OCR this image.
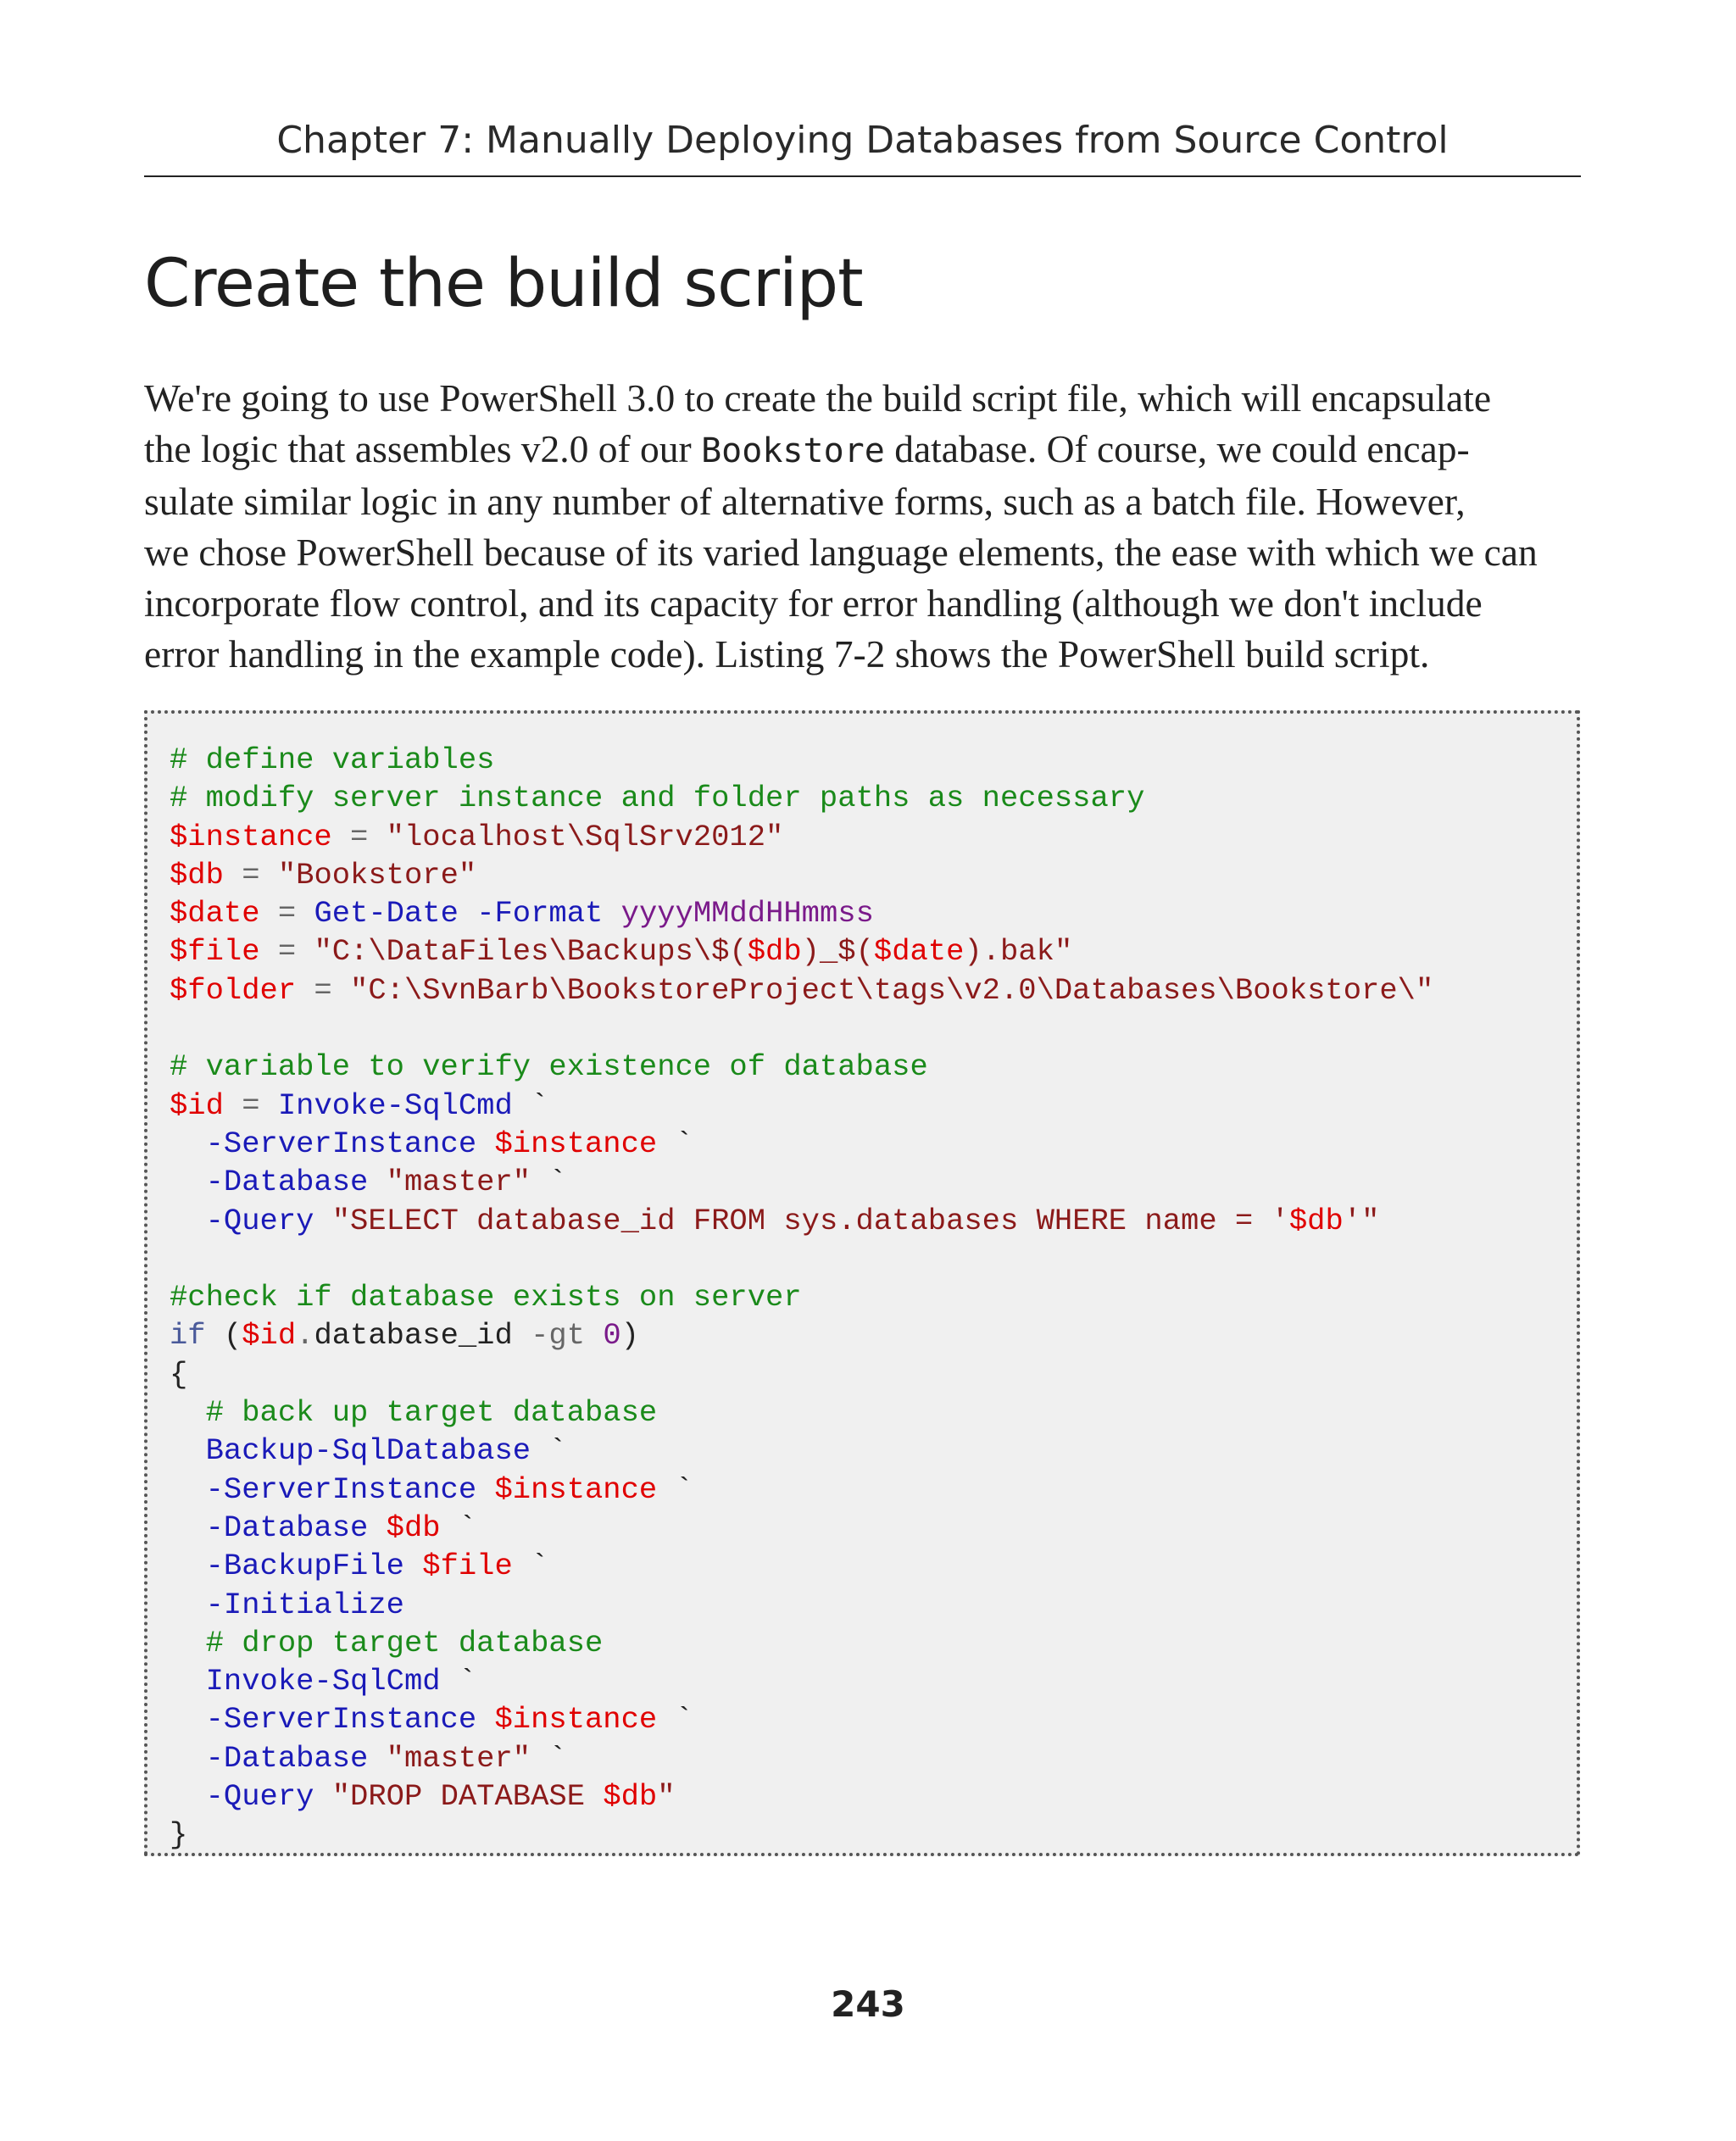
Chapter 7: Manually Deploying Databases from Source Control
Create the build script

We're going to use PowerShell 3.0 to create the build script file, which will encapsulate
the logic that assembles v2.0 of our Bookstore database. Of course, we could encap-
sulate similar logic in any number of alternative forms, such as a batch file. However,
we chose PowerShell because of its varied language elements, the ease with which we can
incorporate flow control, and its capacity for error handling (although we don't include
error handling in the example code). Listing 7-2 shows the PowerShell build script.

# define variables
# modify server instance and folder paths as necessary
$instance = "localhost\SqlSrv2012"
$db = "Bookstore"
$date = Get-Date -Format yyyyMMddHHmmss
$file = "C:\DataFiles\Backups\$($db)_$($date).bak"
$folder = "C:\SvnBarb\BookstoreProject\tags\v2.0\Databases\Bookstore\"

# variable to verify existence of database
$id = Invoke-SqlCmd `
-ServerInstance $instance `
-Database "master" `
-Query "SELECT database_id FROM sys.databases WHERE name = '$db'"

#check if database exists on server
if ($id.database_id -gt 0)
{
# back up target database
Backup-SqlDatabase `
-ServerInstance $instance `
-Database $db `
-BackupFile $file `
-Initialize
# drop target database
Invoke-SqlCmd `
-ServerInstance $instance `
-Database "master" `
-Query "DROP DATABASE $db"
}

243
